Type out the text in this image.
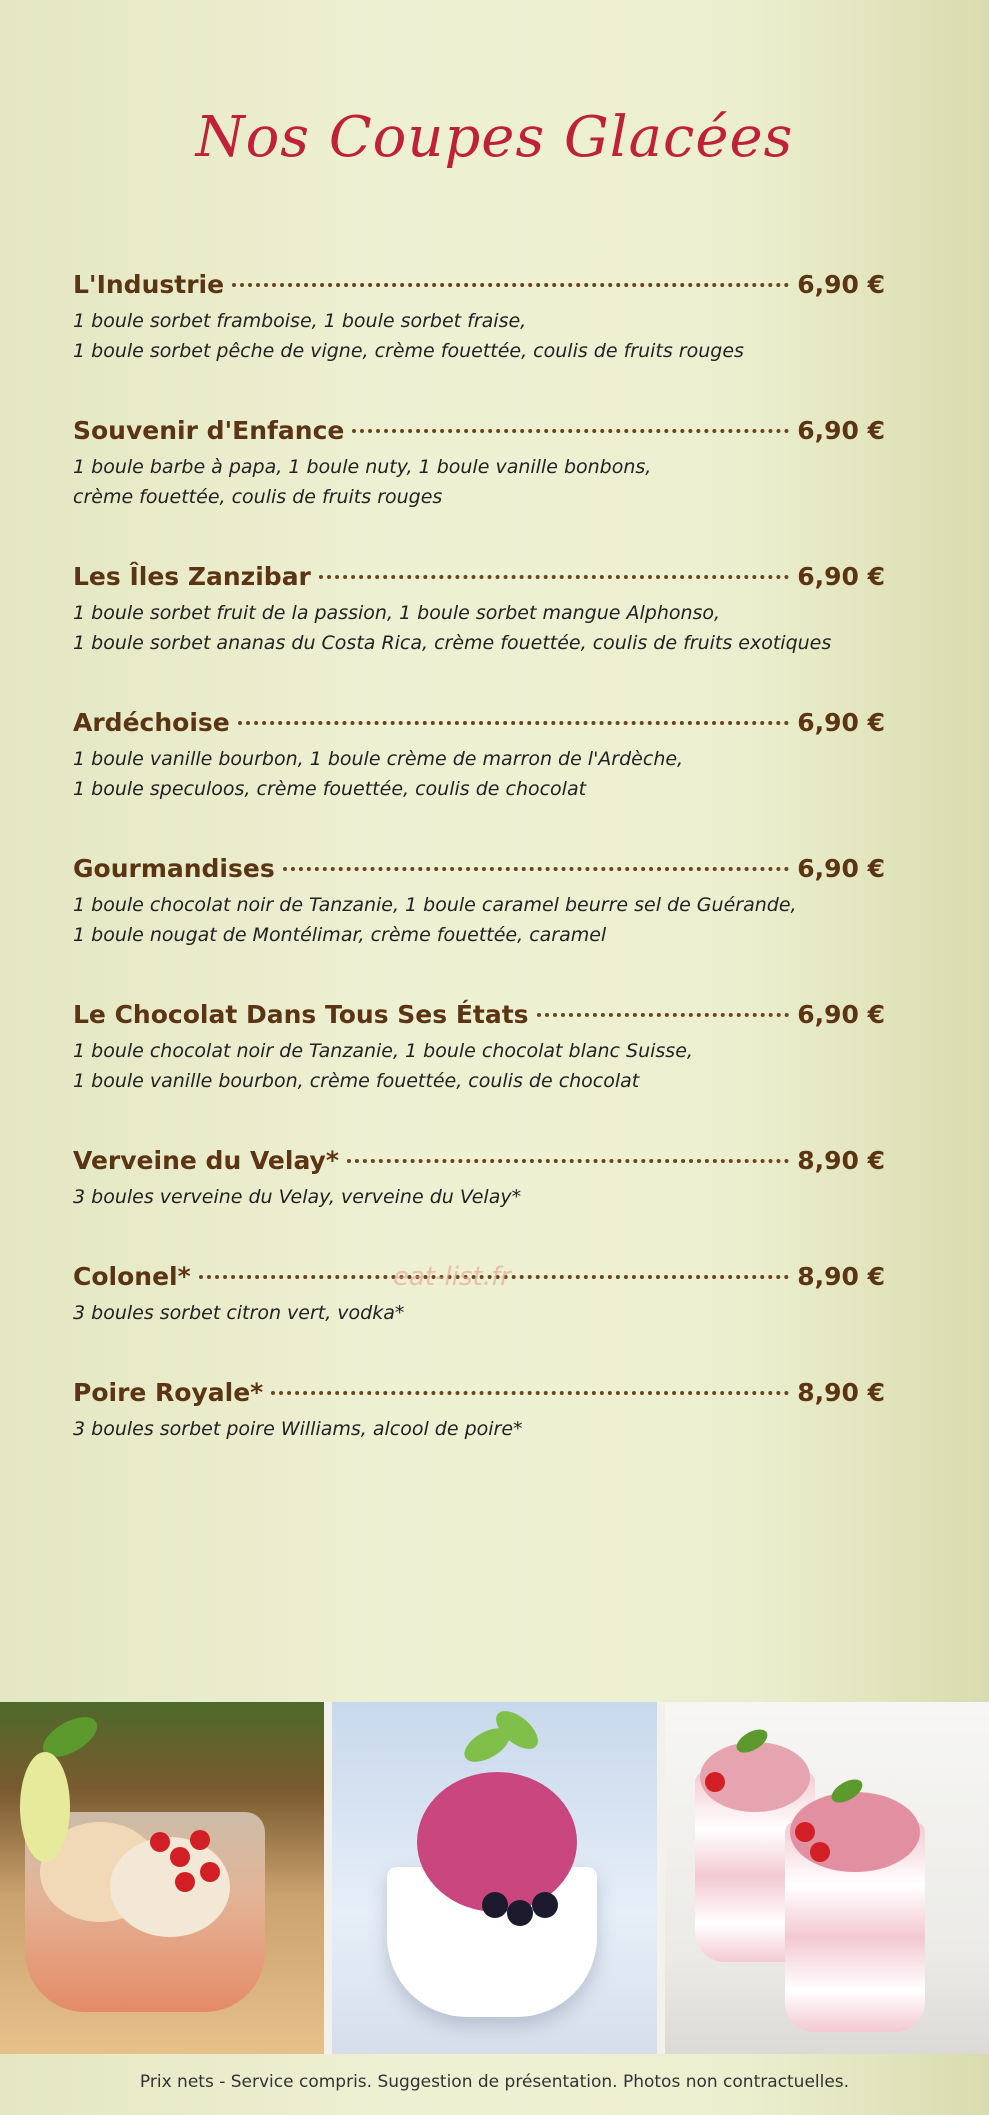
Nos Coupes Glacées
L'Industrie	6,90 €
1 boule sorbet framboise, 1 boule sorbet fraise,
1 boule sorbet pêche de vigne, crème fouettée, coulis de fruits rouges
Souvenir d'Enfance	6,90 €
1 boule barbe à papa, 1 boule nuty, 1 boule vanille bonbons,
crème fouettée, coulis de fruits rouges
Les Îles Zanzibar	6,90 €
1 boule sorbet fruit de la passion, 1 boule sorbet mangue Alphonso,
1 boule sorbet ananas du Costa Rica, crème fouettée, coulis de fruits exotiques
Ardéchoise	6,90 €
1 boule vanille bourbon, 1 boule crème de marron de l'Ardèche,
1 boule speculoos, crème fouettée, coulis de chocolat
Gourmandises	6,90 €
1 boule chocolat noir de Tanzanie, 1 boule caramel beurre sel de Guérande,
1 boule nougat de Montélimar, crème fouettée, caramel
Le Chocolat Dans Tous Ses États	6,90 €
1 boule chocolat noir de Tanzanie, 1 boule chocolat blanc Suisse,
1 boule vanille bourbon, crème fouettée, coulis de chocolat
Verveine du Velay*	8,90 €
3 boules verveine du Velay, verveine du Velay*
Colonel*	8,90 €
3 boules sorbet citron vert, vodka*
Poire Royale*	8,90 €
3 boules sorbet poire Williams, alcool de poire*
eat-list.fr
Prix nets - Service compris. Suggestion de présentation. Photos non contractuelles.
